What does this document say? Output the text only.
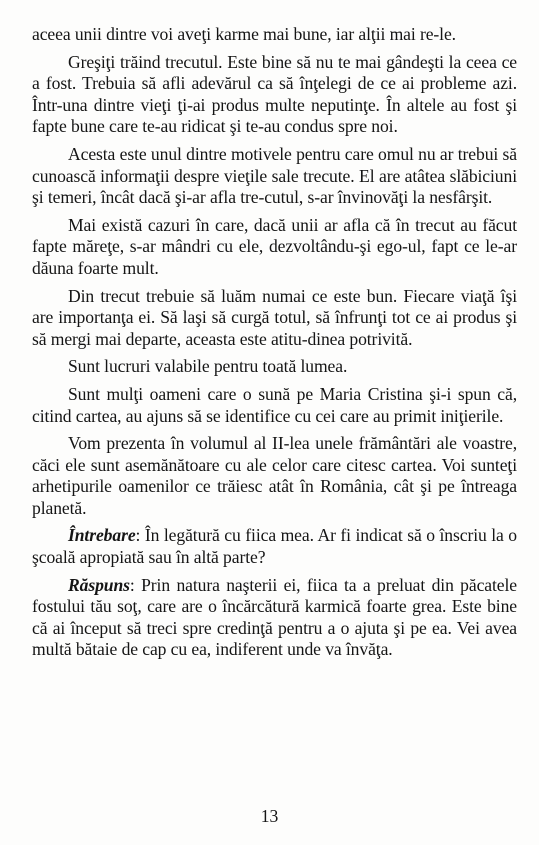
aceea unii dintre voi aveţi karme mai bune, iar alţii mai re-le.

Greşiţi trăind trecutul. Este bine să nu te mai gândeşti la ceea ce a fost. Trebuia să afli adevărul ca să înţelegi de ce ai probleme azi. Într-una dintre vieţi ţi-ai produs multe neputinţe. În altele au fost şi fapte bune care te-au ridicat şi te-au condus spre noi.

Acesta este unul dintre motivele pentru care omul nu ar trebui să cunoască informaţii despre vieţile sale trecute. El are atâtea slăbiciuni şi temeri, încât dacă şi-ar afla tre-cutul, s-ar învinovăţi la nesfârşit.

Mai există cazuri în care, dacă unii ar afla că în trecut au făcut fapte măreţe, s-ar mândri cu ele, dezvoltându-şi ego-ul, fapt ce le-ar dăuna foarte mult.

Din trecut trebuie să luăm numai ce este bun. Fiecare viaţă îşi are importanţa ei. Să laşi să curgă totul, să înfrunţi tot ce ai produs şi să mergi mai departe, aceasta este atitu-dinea potrivită.

Sunt lucruri valabile pentru toată lumea.

Sunt mulţi oameni care o sună pe Maria Cristina şi-i spun că, citind cartea, au ajuns să se identifice cu cei care au primit iniţierile.

Vom prezenta în volumul al II-lea unele frământări ale voastre, căci ele sunt asemănătoare cu ale celor care citesc cartea. Voi sunteţi arhetipurile oamenilor ce trăiesc atât în România, cât şi pe întreaga planetă.

Întrebare: În legătură cu fiica mea. Ar fi indicat să o înscriu la o şcoală apropiată sau în altă parte?

Răspuns: Prin natura naşterii ei, fiica ta a preluat din păcatele fostului tău soţ, care are o încărcătură karmică foarte grea. Este bine că ai început să treci spre credinţă pentru a o ajuta şi pe ea. Vei avea multă bătaie de cap cu ea, indiferent unde va învăţa.

13
